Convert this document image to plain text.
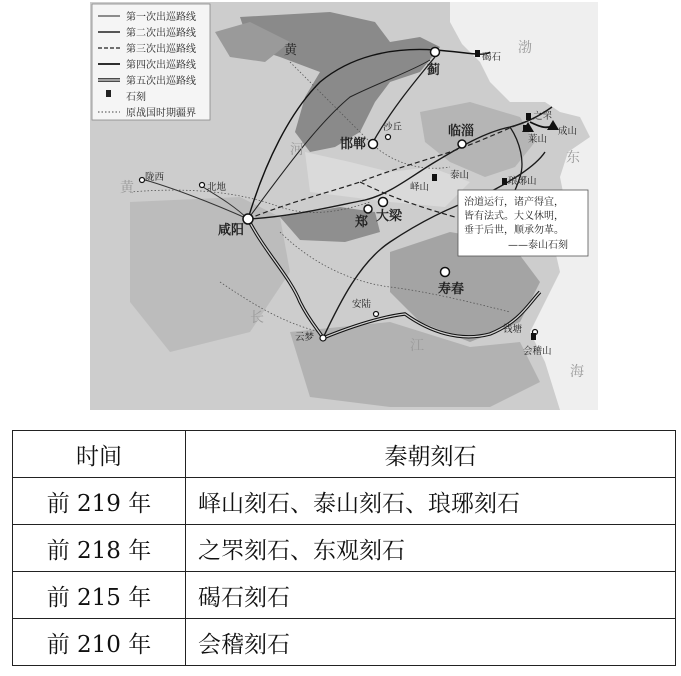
第一次出巡路线
第二次出巡路线
第三次出巡路线
第四次出巡路线
第五次出巡路线
石刻
原战国时期疆界
黄
河
黄
渤
东
长
江
海
咸阳
邯郸
临淄
蓟
郑 大梁
寿春
云梦
安陆
钱塘
会稽山
陇西
北地
沙丘
琅琊山
泰山
峄山
碣石
之罘
成山
莱山
治道运行，诸产得宜，
皆有法式。大义休明，
垂于后世，顺承勿革。
——泰山石刻
时间	秦朝刻石
前 219 年	峄山刻石、泰山刻石、琅琊刻石
前 218 年	之罘刻石、东观刻石
前 215 年	碣石刻石
前 210 年	会稽刻石
